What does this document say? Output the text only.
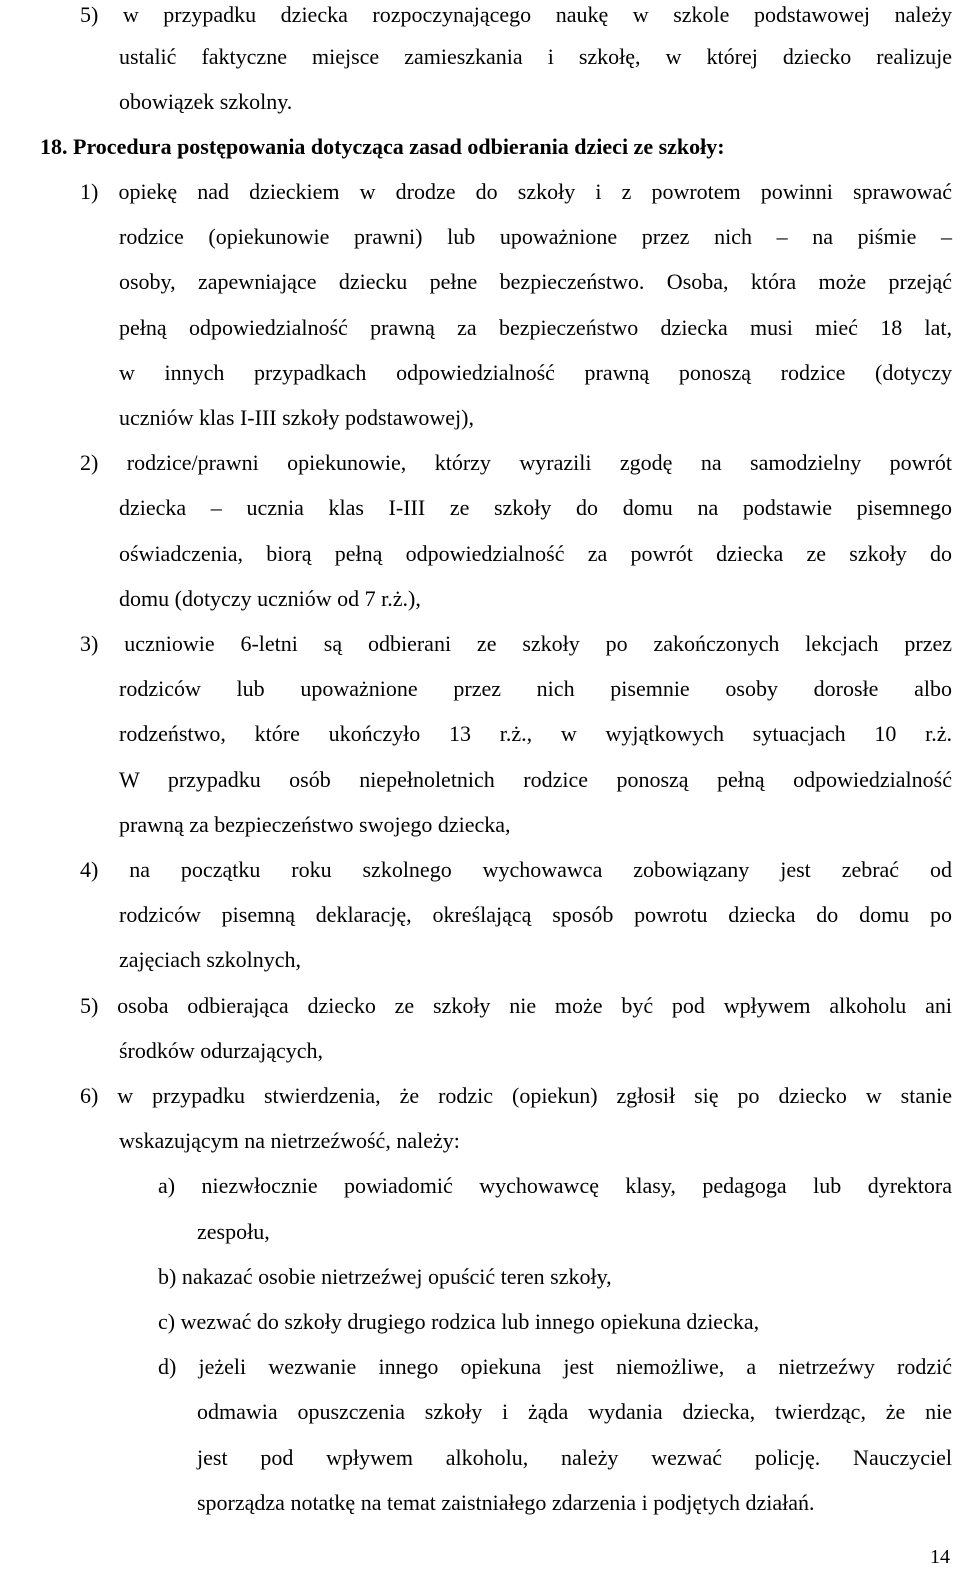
5) w przypadku dziecka rozpoczynającego naukę w szkole podstawowej należy
ustalić faktyczne miejsce zamieszkania i szkołę, w której dziecko realizuje
obowiązek szkolny.
18. Procedura postępowania dotycząca zasad odbierania dzieci ze szkoły:
1) opiekę nad dzieckiem w drodze do szkoły i z powrotem powinni sprawować
rodzice (opiekunowie prawni) lub upoważnione przez nich – na piśmie –
osoby, zapewniające dziecku pełne bezpieczeństwo. Osoba, która może przejąć
pełną odpowiedzialność prawną za bezpieczeństwo dziecka musi mieć 18 lat,
w innych przypadkach odpowiedzialność prawną ponoszą rodzice (dotyczy
uczniów klas I-III szkoły podstawowej),
2) rodzice/prawni opiekunowie, którzy wyrazili zgodę na samodzielny powrót
dziecka – ucznia klas I-III ze szkoły do domu na podstawie pisemnego
oświadczenia, biorą pełną odpowiedzialność za powrót dziecka ze szkoły do
domu (dotyczy uczniów od 7 r.ż.),
3) uczniowie 6-letni są odbierani ze szkoły po zakończonych lekcjach przez
rodziców lub upoważnione przez nich pisemnie osoby dorosłe albo
rodzeństwo, które ukończyło 13 r.ż., w wyjątkowych sytuacjach 10 r.ż.
W przypadku osób niepełnoletnich rodzice ponoszą pełną odpowiedzialność
prawną za bezpieczeństwo swojego dziecka,
4) na początku roku szkolnego wychowawca zobowiązany jest zebrać od
rodziców pisemną deklarację, określającą sposób powrotu dziecka do domu po
zajęciach szkolnych,
5) osoba odbierająca dziecko ze szkoły nie może być pod wpływem alkoholu ani
środków odurzających,
6) w przypadku stwierdzenia, że rodzic (opiekun) zgłosił się po dziecko w stanie
wskazującym na nietrzeźwość, należy:
a) niezwłocznie powiadomić wychowawcę klasy, pedagoga lub dyrektora
zespołu,
b) nakazać osobie nietrzeźwej opuścić teren szkoły,
c) wezwać do szkoły drugiego rodzica lub innego opiekuna dziecka,
d) jeżeli wezwanie innego opiekuna jest niemożliwe, a nietrzeźwy rodzić
odmawia opuszczenia szkoły i żąda wydania dziecka, twierdząc, że nie
jest pod wpływem alkoholu, należy wezwać policję. Nauczyciel
sporządza notatkę na temat zaistniałego zdarzenia i podjętych działań.
14
